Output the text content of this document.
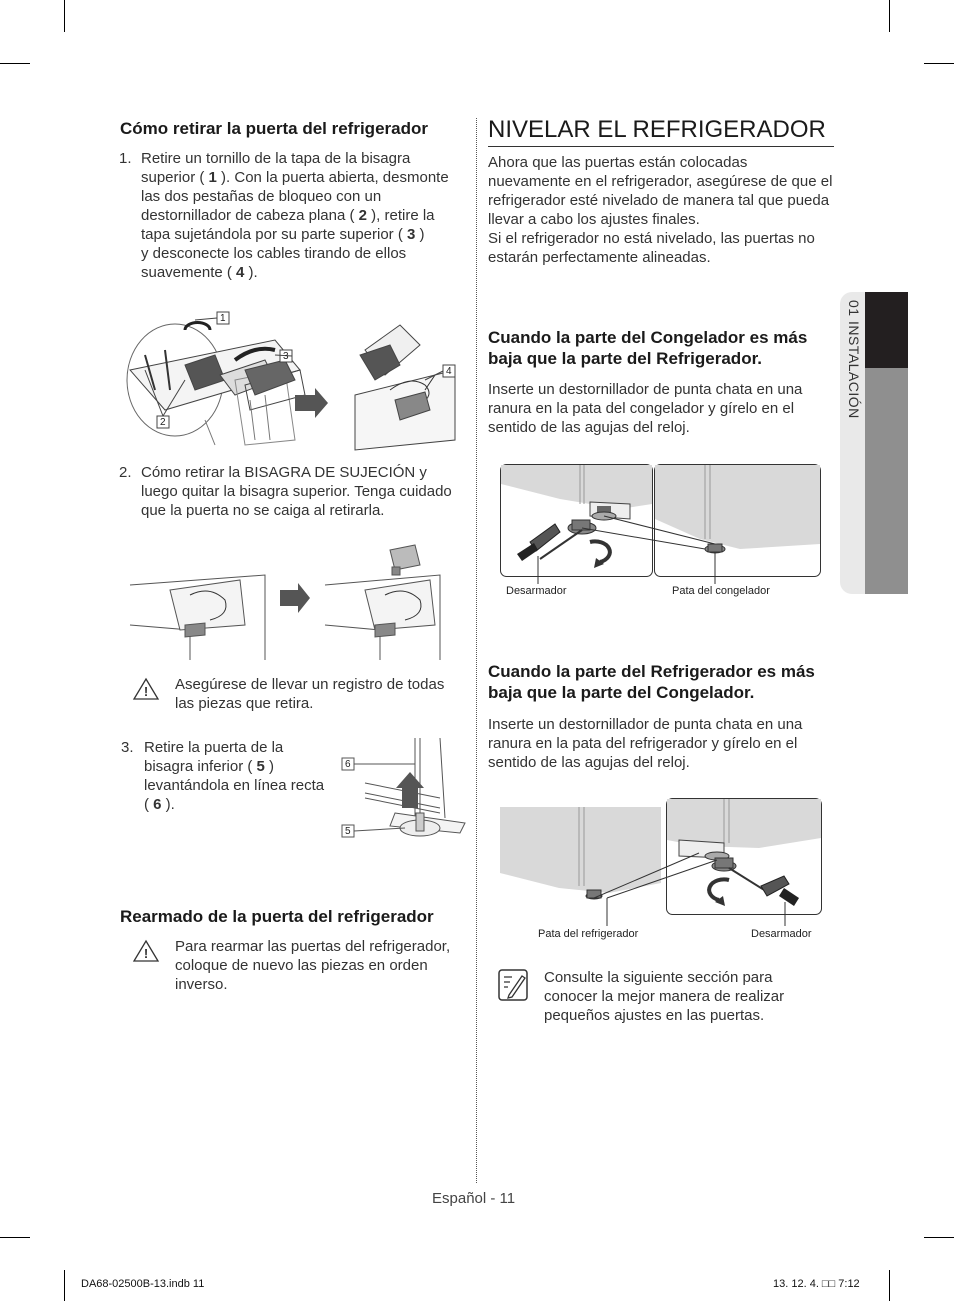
Cómo retirar la puerta del refrigerador
1. Retire un tornillo de la tapa de la bisagra
superior ( 1 ). Con la puerta abierta, desmonte
las dos pestañas de bloqueo con un
destornillador de cabeza plana ( 2 ), retire la
tapa sujetándola por su parte superior ( 3 )
y desconecte los cables tirando de ellos
suavemente ( 4 ).
1
2
3
4
2. Cómo retirar la BISAGRA DE SUJECIÓN y
luego quitar la bisagra superior. Tenga cuidado
que la puerta no se caiga al retirarla.
! Asegúrese de llevar un registro de todas
las piezas que retira.
3. Retire la puerta de la
bisagra inferior ( 5 )
levantándola en línea recta
( 6 ).
6
5
Rearmado de la puerta del refrigerador
! Para rearmar las puertas del refrigerador,
coloque de nuevo las piezas en orden
inverso.
NIVELAR EL REFRIGERADOR
Ahora que las puertas están colocadas
nuevamente en el refrigerador, asegúrese de que el
refrigerador esté nivelado de manera tal que pueda
llevar a cabo los ajustes finales.
Si el refrigerador no está nivelado, las puertas no
estarán perfectamente alineadas.
Cuando la parte del Congelador es más
baja que la parte del Refrigerador.
Inserte un destornillador de punta chata en una
ranura en la pata del congelador y gírelo en el
sentido de las agujas del reloj.
Desarmador	Pata del congelador
Cuando la parte del Refrigerador es más
baja que la parte del Congelador.
Inserte un destornillador de punta chata en una
ranura en la pata del refrigerador y gírelo en el
sentido de las agujas del reloj.
Pata del refrigerador	Desarmador
Consulte la siguiente sección para
conocer la mejor manera de realizar
pequeños ajustes en las puertas.
01 INSTALACIÓN
Español - 11
DA68-02500B-13.indb 11	13. 12. 4. □□ 7:12
